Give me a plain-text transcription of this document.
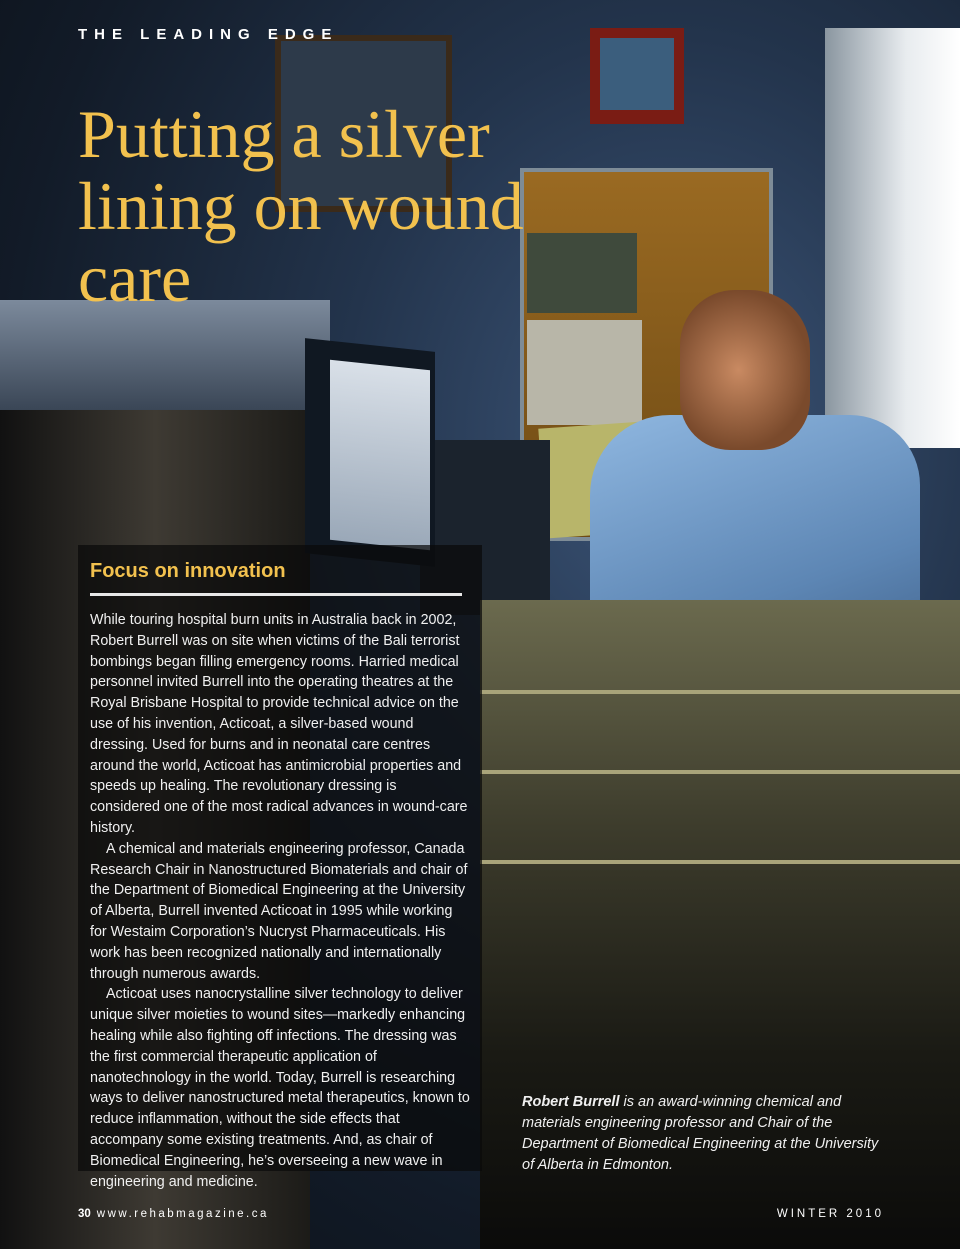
THE LEADING EDGE
Putting a silver lining on wound care
Focus on innovation

While touring hospital burn units in Australia back in 2002, Robert Burrell was on site when victims of the Bali terrorist bombings began filling emergency rooms. Harried medical personnel invited Burrell into the operating theatres at the Royal Brisbane Hospital to provide technical advice on the use of his invention, Acticoat, a silver-based wound dressing. Used for burns and in neonatal care centres around the world, Acticoat has antimicrobial properties and speeds up healing. The revolutionary dressing is considered one of the most radical advances in wound-care history.

A chemical and materials engineering professor, Canada Research Chair in Nanostructured Biomaterials and chair of the Department of Biomedical Engineering at the University of Alberta, Burrell invented Acticoat in 1995 while working for Westaim Corporation’s Nucryst Pharmaceuticals. His work has been recognized nationally and internationally through numerous awards.

Acticoat uses nanocrystalline silver technology to deliver unique silver moieties to wound sites—markedly enhancing healing while also fighting off infections. The dressing was the first commercial therapeutic application of nanotechnology in the world. Today, Burrell is researching ways to deliver nanostructured metal therapeutics, known to reduce inflammation, without the side effects that accompany some existing treatments. And, as chair of Biomedical Engineering, he’s overseeing a new wave in engineering and medicine.

Robert Burrell is an award-winning chemical and materials engineering professor and Chair of the Department of Biomedical Engineering at the University of Alberta in Edmonton.

30 www.rehabmagazine.ca	WINTER 2010
